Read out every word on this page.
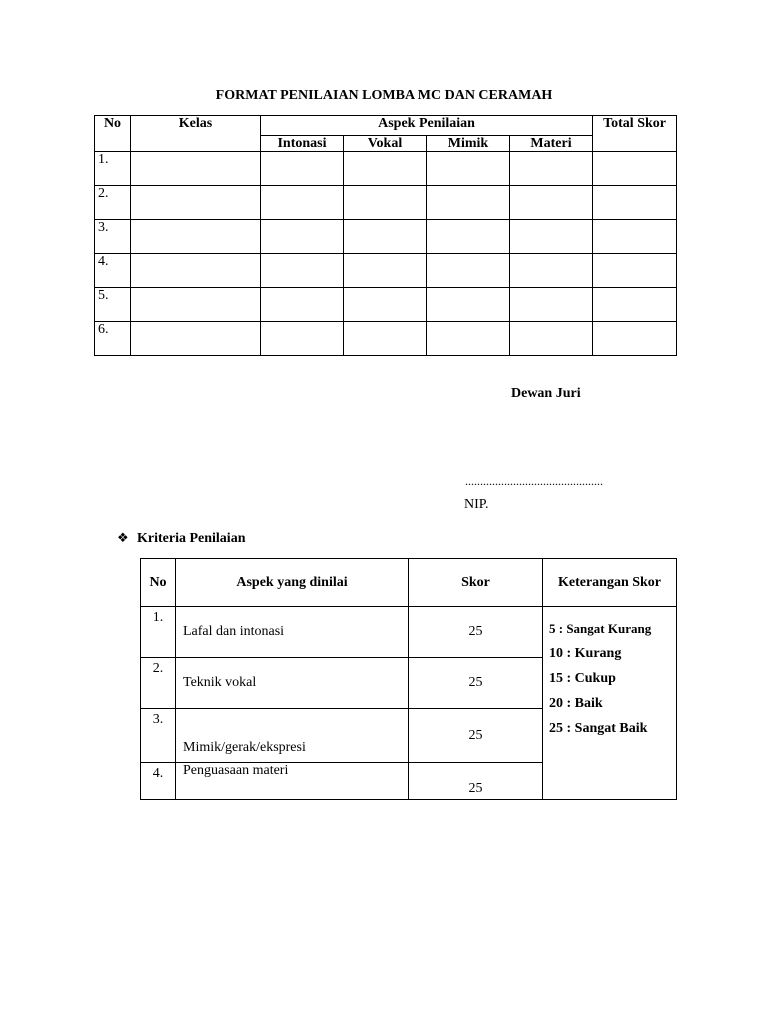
FORMAT PENILAIAN LOMBA MC DAN CERAMAH
No	Kelas	Aspek Penilaian				Total Skor
		Intonasi	Vokal	Mimik	Materi	
1.						
2.						
3.						
4.						
5.						
6.						
Dewan Juri
..............................................
NIP.
❖ Kriteria Penilaian
No	Aspek yang dinilai	Skor	Keterangan Skor
1.	Lafal dan intonasi	25	5 : Sangat Kurang
10 : Kurang
15 : Cukup
20 : Baik
25 : Sangat Baik

2.	Teknik vokal	25	
3.	Mimik/gerak/ekspresi	25	
4.	Penguasaan materi	25	
